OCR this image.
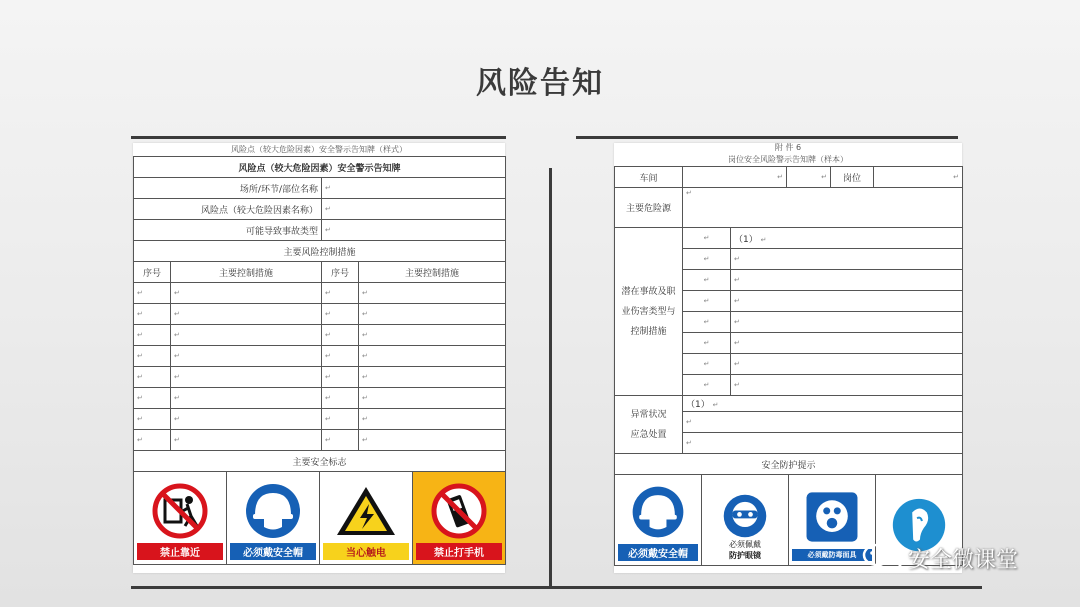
风险告知
风险点（较大危险因素）安全警示告知牌（样式）
风险点（较大危险因素）安全警示告知牌			
场所/环节/部位名称		↵	
风险点（较大危险因素名称）		↵	
可能导致事故类型		↵	
主要风险控制措施			
序号	主要控制措施	序号	主要控制措施
↵	↵	↵	↵
↵	↵	↵	↵
↵	↵	↵	↵
↵	↵	↵	↵
↵	↵	↵	↵
↵	↵	↵	↵
↵	↵	↵	↵
↵	↵	↵	↵
主要安全标志			

禁止靠近 必须戴安全帽 当心触电 禁止打手机			
附 件 6
岗位安全风险警示告知牌（样本）
车间	↵		↵	岗位	↵
主要危险源	↵				

潜在事故及职
业伤害类型与
控制措施	↵	（1） ↵			
	↵	↵			
	↵	↵			
	↵	↵			
	↵	↵			
	↵	↵			
	↵	↵			
	↵	↵			

异常状况
应急处置	（1） ↵				
	↵				
	↵				
安全防护提示					

必须戴安全帽
必须佩戴
防护眼镜 必须戴防毒面具						安全微课堂
